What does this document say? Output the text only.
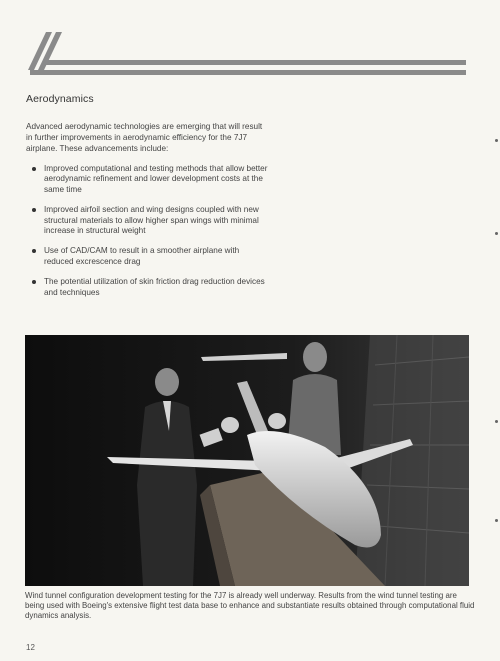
Aerodynamics
Advanced aerodynamic technologies are emerging that will result in further improvements in aerodynamic efficiency for the 7J7 airplane. These advancements include:
Improved computational and testing methods that allow better aerodynamic refinement and lower development costs at the same time
Improved airfoil section and wing designs coupled with new structural materials to allow higher span wings with minimal increase in structural weight
Use of CAD/CAM to result in a smoother airplane with reduced excrescence drag
The potential utilization of skin friction drag reduction devices and techniques
Wind tunnel configuration development testing for the 7J7 is already well underway. Results from the wind tunnel testing are being used with Boeing's extensive flight test data base to enhance and substantiate results obtained through computational fluid dynamics analysis.
12
